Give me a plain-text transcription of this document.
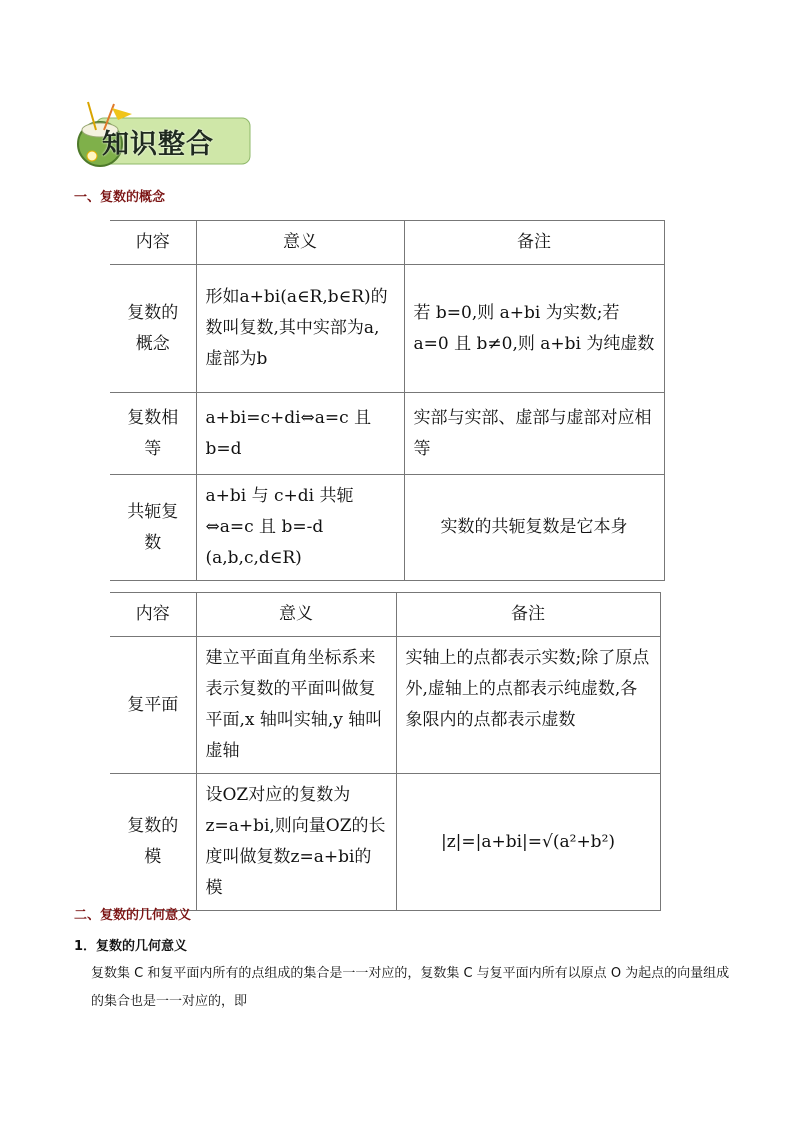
知识整合
一、复数的概念
内容	意义	备注
复数的概念	形如a+bi(a∈R,b∈R)的数叫复数,其中实部为a,虚部为b	若 b=0,则 a+bi 为实数;若 a=0 且 b≠0,则 a+bi 为纯虚数
复数相等	a+bi=c+di⇔a=c 且 b=d	实部与实部、虚部与虚部对应相等
共轭复数	a+bi 与 c+di 共轭 ⇔a=c 且 b=-d (a,b,c,d∈R)	实数的共轭复数是它本身
内容	意义	备注
复平面	建立平面直角坐标系来表示复数的平面叫做复平面,x 轴叫实轴,y 轴叫虚轴	实轴上的点都表示实数;除了原点外,虚轴上的点都表示纯虚数,各象限内的点都表示虚数
复数的模	设OZ对应的复数为z=a+bi,则向量OZ的长度叫做复数z=a+bi的模	|z|=|a+bi|=√(a²+b²)
二、复数的几何意义
1．复数的几何意义
复数集 C 和复平面内所有的点组成的集合是一一对应的，复数集 C 与复平面内所有以原点 O 为起点的向量组成的集合也是一一对应的，即
